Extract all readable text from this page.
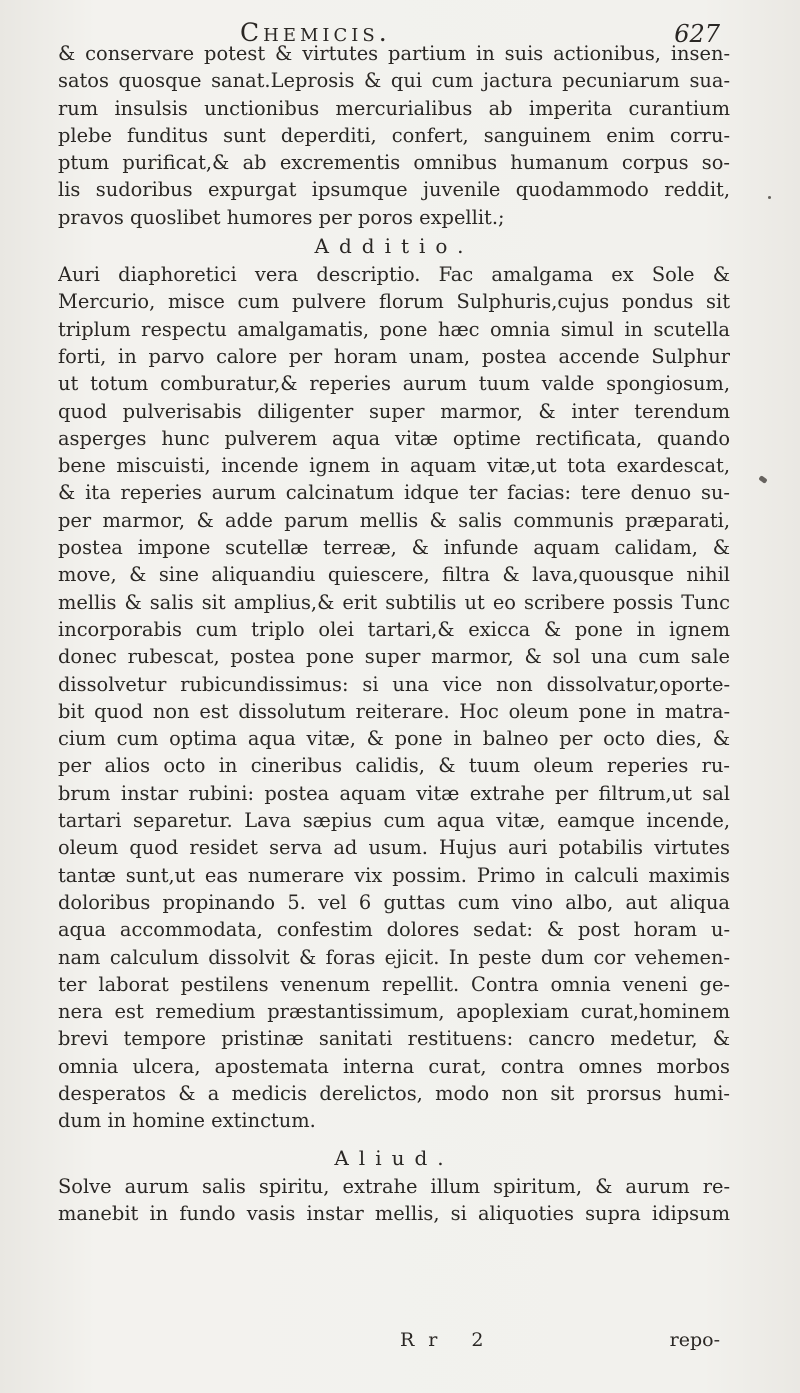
Chemicis.	627
& conservare potest & virtutes partium in suis actionibus, insen-
satos quosque sanat.Leprosis & qui cum jactura pecuniarum sua-
rum insulsis unctionibus mercurialibus ab imperita curantium
plebe funditus sunt deperditi, confert, sanguinem enim corru-
ptum purificat,& ab excrementis omnibus humanum corpus so-
lis sudoribus expurgat ipsumque juvenile quodammodo reddit,
pravos quoslibet humores per poros expellit.;
Additio.
Auri diaphoretici vera descriptio. Fac amalgama ex Sole &
Mercurio, misce cum pulvere florum Sulphuris,cujus pondus sit
triplum respectu amalgamatis, pone hæc omnia simul in scutella
forti, in parvo calore per horam unam, postea accende Sulphur
ut totum comburatur,& reperies aurum tuum valde spongiosum,
quod pulverisabis diligenter super marmor, & inter terendum
asperges hunc pulverem aqua vitæ optime rectificata, quando
bene miscuisti, incende ignem in aquam vitæ,ut tota exardescat,
& ita reperies aurum calcinatum idque ter facias: tere denuo su-
per marmor, & adde parum mellis & salis communis præparati,
postea impone scutellæ terreæ, & infunde aquam calidam, &
move, & sine aliquandiu quiescere, filtra & lava,quousque nihil
mellis & salis sit amplius,& erit subtilis ut eo scribere possis Tunc
incorporabis cum triplo olei tartari,& exicca & pone in ignem
donec rubescat, postea pone super marmor, & sol una cum sale
dissolvetur rubicundissimus: si una vice non dissolvatur,oporte-
bit quod non est dissolutum reiterare. Hoc oleum pone in matra-
cium cum optima aqua vitæ, & pone in balneo per octo dies, &
per alios octo in cineribus calidis, & tuum oleum reperies ru-
brum instar rubini: postea aquam vitæ extrahe per filtrum,ut sal
tartari separetur. Lava sæpius cum aqua vitæ, eamque incende,
oleum quod residet serva ad usum. Hujus auri potabilis virtutes
tantæ sunt,ut eas numerare vix possim. Primo in calculi maximis
doloribus propinando 5. vel 6 guttas cum vino albo, aut aliqua
aqua accommodata, confestim dolores sedat: & post horam u-
nam calculum dissolvit & foras ejicit. In peste dum cor vehemen-
ter laborat pestilens venenum repellit. Contra omnia veneni ge-
nera est remedium præstantissimum, apoplexiam curat,hominem
brevi tempore pristinæ sanitati restituens: cancro medetur, &
omnia ulcera, apostemata interna curat, contra omnes morbos
desperatos & a medicis derelictos, modo non sit prorsus humi-
dum in homine extinctum.
Aliud.
Solve aurum salis spiritu, extrahe illum spiritum, & aurum re-
manebit in fundo vasis instar mellis, si aliquoties supra idipsum
Rr 2	repo-
